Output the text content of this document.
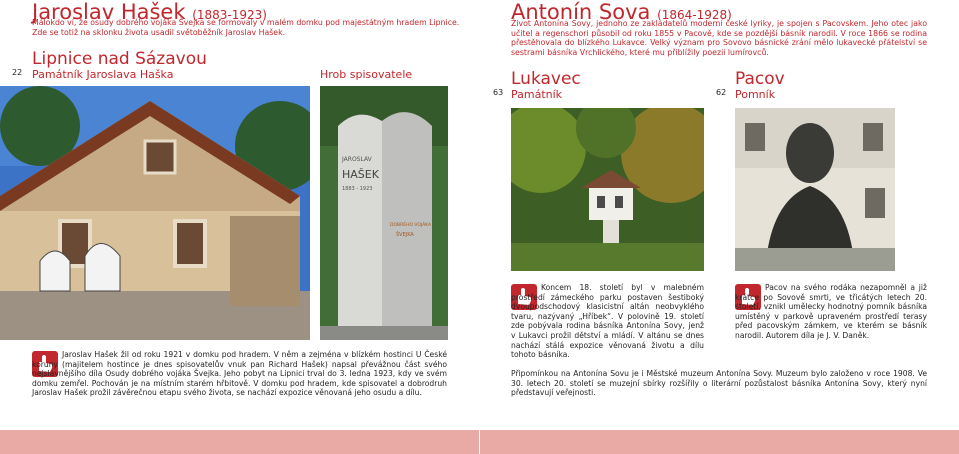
Jaroslav Hašek (1883-1923)
Málokdo ví, že osudy dobrého vojáka Švejka se formovaly v malém domku pod majestátným hradem Lipnice.
Zde se totiž na sklonku života usadil světoběžník Jaroslav Hašek.
22
Lipnice nad Sázavou
Památník Jaroslava Haška	Hrob spisovatele
JAROSLAV
HAŠEK
1883 - 1923
DOBRÉHO VOJÁKA
ŠVEJKA
Jaroslav Hašek žil od roku 1921 v domku pod hradem. V něm a zejména v blízkém hostinci U České koruny (majitelem hostince je dnes spisovatelův vnuk pan Richard Hašek) napsal převážnou část svého nejslavnějšího díla Osudy dobrého vojáka Švejka. Jeho pobyt na Lipnici trval do 3. ledna 1923, kdy ve svém domku zemřel. Pochován je na místním starém hřbitově. V domku pod hradem, kde spisovatel a dobrodruh Jaroslav Hašek prožil závěrečnou etapu svého života, se nachází expozice věnovaná jeho osudu a dílu.
Antonín Sova (1864-1928)
Život Antonína Sovy, jednoho ze zakladatelů moderní české lyriky, je spojen s Pacovskem. Jeho otec jako učitel a regenschori působil od roku 1855 v Pacově, kde se pozdější básník narodil. V roce 1866 se rodina přestěhovala do blízkého Lukavce. Velký význam pro Sovovo básnické zrání mělo lukavecké přátelství se sestrami básníka Vrchlického, které mu přiblížily poezii lumírovců.
63
Lukavec
Památník	62
Pacov
Pomník
Koncem 18. století byl v malebném prostředí zámeckého parku postaven šestiboký dvoupodschodový klasicistní altán neobvyklého tvaru, nazývaný „Hříbek“. V polovině 19. století zde pobývala rodina básníka Antonína Sovy, jenž v Lukavci prožil dětství a mládí. V altánu se dnes nachází stálá expozice věnovaná životu a dílu tohoto básníka.
Pacov na svého rodáka nezapomněl a již krátce po Sovově smrti, ve třicátých letech 20. století, vznikl umělecky hodnotný pomník básníka umístěný v parkově upraveném prostředí terasy před pacovským zámkem, ve kterém se básník narodil. Autorem díla je J. V. Daněk.
Připomínkou na Antonína Sovu je i Městské muzeum Antonína Sovy. Muzeum bylo založeno v roce 1908. Ve 30. letech 20. století se muzejní sbírky rozšířily o literární pozůstalost básníka Antonína Sovy, který nyní představují veřejnosti.
